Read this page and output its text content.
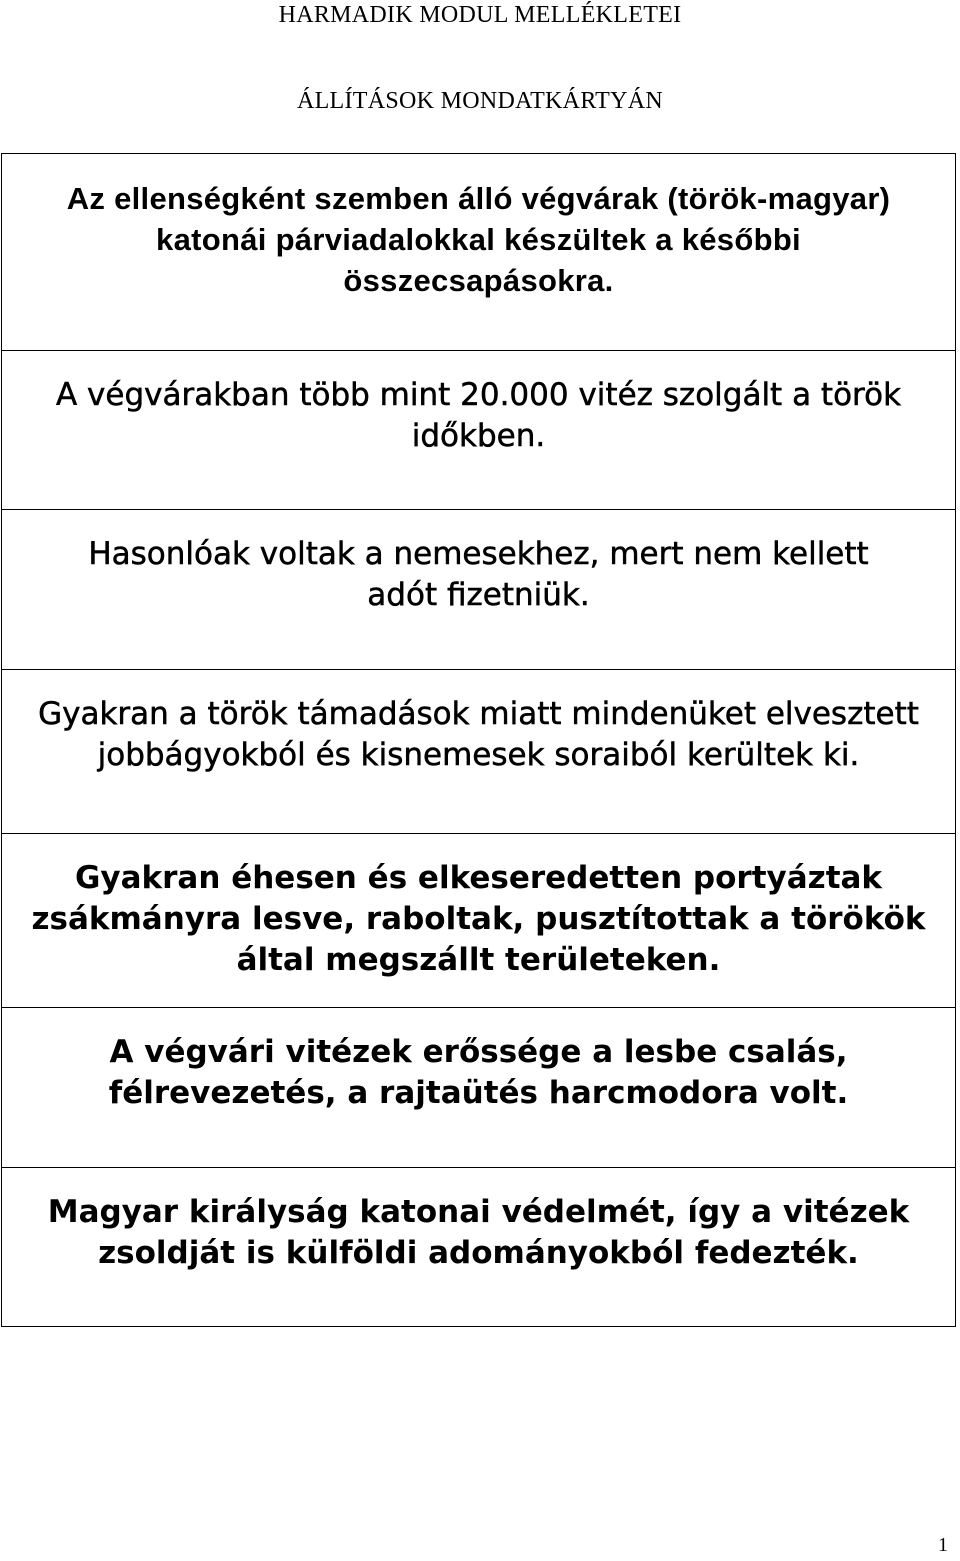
HARMADIK MODUL MELLÉKLETEI
ÁLLÍTÁSOK MONDATKÁRTYÁN
Az ellenségként szemben álló végvárak (török-magyar) katonái párviadalokkal készültek a későbbi összecsapásokra.
A végvárakban több mint 20.000 vitéz szolgált a török időkben.
Hasonlóak voltak a nemesekhez, mert nem kellett adót fizetniük.
Gyakran a török támadások miatt mindenüket elvesztett jobbágyokból és kisnemesek soraiból kerültek ki.
Gyakran éhesen és elkeseredetten portyáztak zsákmányra lesve, raboltak, pusztítottak a törökök által megszállt területeken.
A végvári vitézek erőssége a lesbe csalás, félrevezetés, a rajtaütés harcmodora volt.
Magyar királyság katonai védelmét, így a vitézek zsoldját is külföldi adományokból fedezték.
1
